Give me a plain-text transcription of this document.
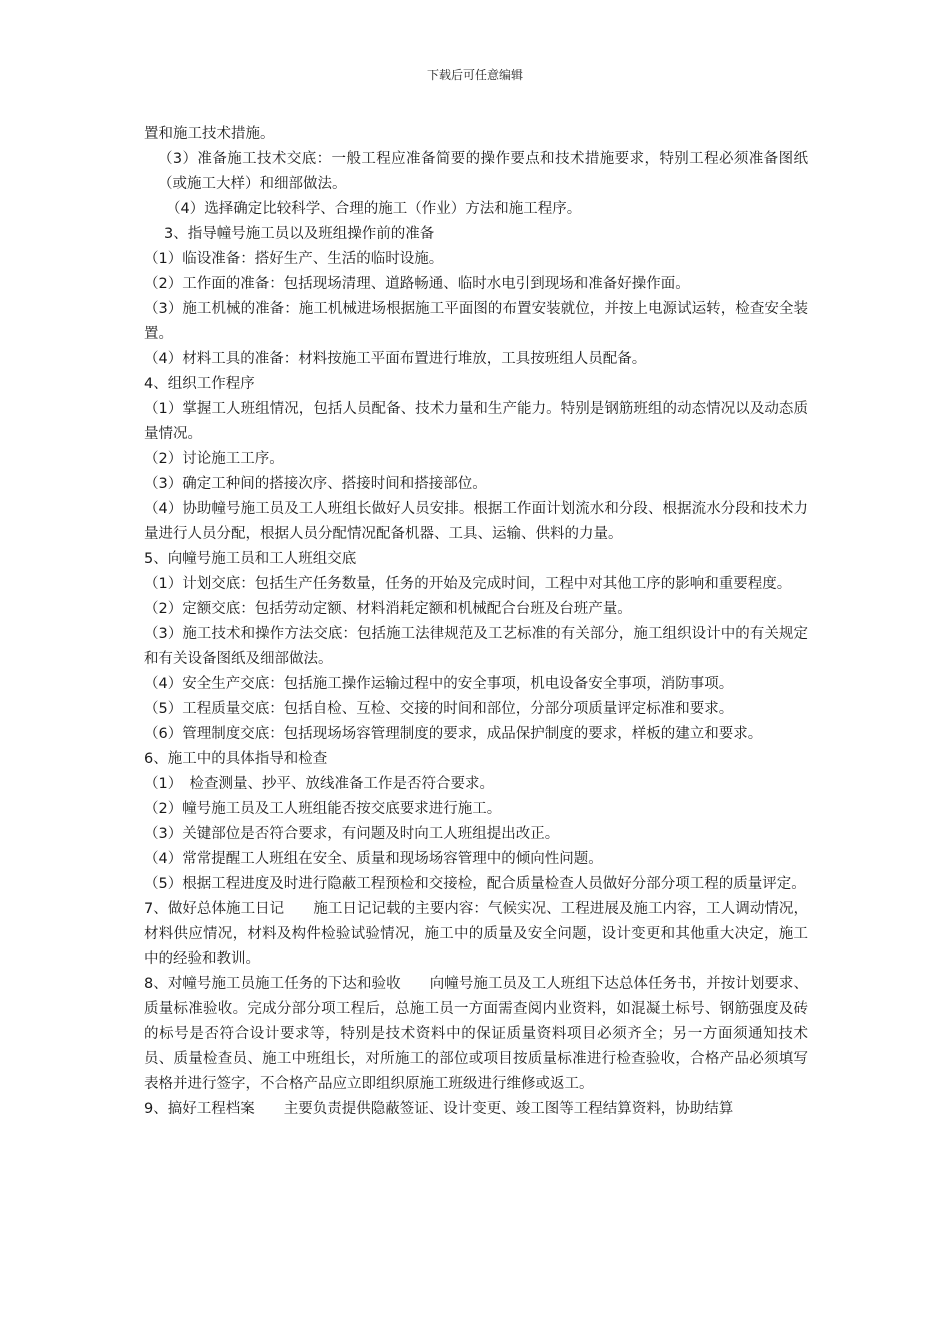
下载后可任意编辑

置和施工技术措施。

（3）准备施工技术交底：一般工程应准备简要的操作要点和技术措施要求，特别工程必须准备图纸（或施工大样）和细部做法。

（4）选择确定比较科学、合理的施工（作业）方法和施工程序。

3、指导幢号施工员以及班组操作前的准备

（1）临设准备：搭好生产、生活的临时设施。

（2）工作面的准备：包括现场清理、道路畅通、临时水电引到现场和准备好操作面。

（3）施工机械的准备：施工机械进场根据施工平面图的布置安装就位，并按上电源试运转，检查安全装置。

（4）材料工具的准备：材料按施工平面布置进行堆放，工具按班组人员配备。

4、组织工作程序

（1）掌握工人班组情况，包括人员配备、技术力量和生产能力。特别是钢筋班组的动态情况以及动态质量情况。

（2）讨论施工工序。

（3）确定工种间的搭接次序、搭接时间和搭接部位。

（4）协助幢号施工员及工人班组长做好人员安排。根据工作面计划流水和分段、根据流水分段和技术力量进行人员分配，根据人员分配情况配备机器、工具、运输、供料的力量。

5、向幢号施工员和工人班组交底

（1）计划交底：包括生产任务数量，任务的开始及完成时间，工程中对其他工序的影响和重要程度。

（2）定额交底：包括劳动定额、材料消耗定额和机械配合台班及台班产量。

（3）施工技术和操作方法交底：包括施工法律规范及工艺标准的有关部分，施工组织设计中的有关规定和有关设备图纸及细部做法。

（4）安全生产交底：包括施工操作运输过程中的安全事项，机电设备安全事项，消防事项。

（5）工程质量交底：包括自检、互检、交接的时间和部位，分部分项质量评定标准和要求。

（6）管理制度交底：包括现场场容管理制度的要求，成品保护制度的要求，样板的建立和要求。

6、施工中的具体指导和检查

（1）　检查测量、抄平、放线准备工作是否符合要求。

（2）幢号施工员及工人班组能否按交底要求进行施工。

（3）关键部位是否符合要求，有问题及时向工人班组提出改正。

（4）常常提醒工人班组在安全、质量和现场场容管理中的倾向性问题。

（5）根据工程进度及时进行隐蔽工程预检和交接检，配合质量检查人员做好分部分项工程的质量评定。

7、做好总体施工日记　　施工日记记载的主要内容：气候实况、工程进展及施工内容，工人调动情况，材料供应情况，材料及构件检验试验情况，施工中的质量及安全问题，设计变更和其他重大决定，施工中的经验和教训。

8、对幢号施工员施工任务的下达和验收　　向幢号施工员及工人班组下达总体任务书，并按计划要求、质量标准验收。完成分部分项工程后，总施工员一方面需查阅内业资料，如混凝土标号、钢筋强度及砖的标号是否符合设计要求等，特别是技术资料中的保证质量资料项目必须齐全；另一方面须通知技术员、质量检查员、施工中班组长，对所施工的部位或项目按质量标准进行检查验收，合格产品必须填写表格并进行签字，不合格产品应立即组织原施工班级进行维修或返工。

9、搞好工程档案　　主要负责提供隐蔽签证、设计变更、竣工图等工程结算资料，协助结算
